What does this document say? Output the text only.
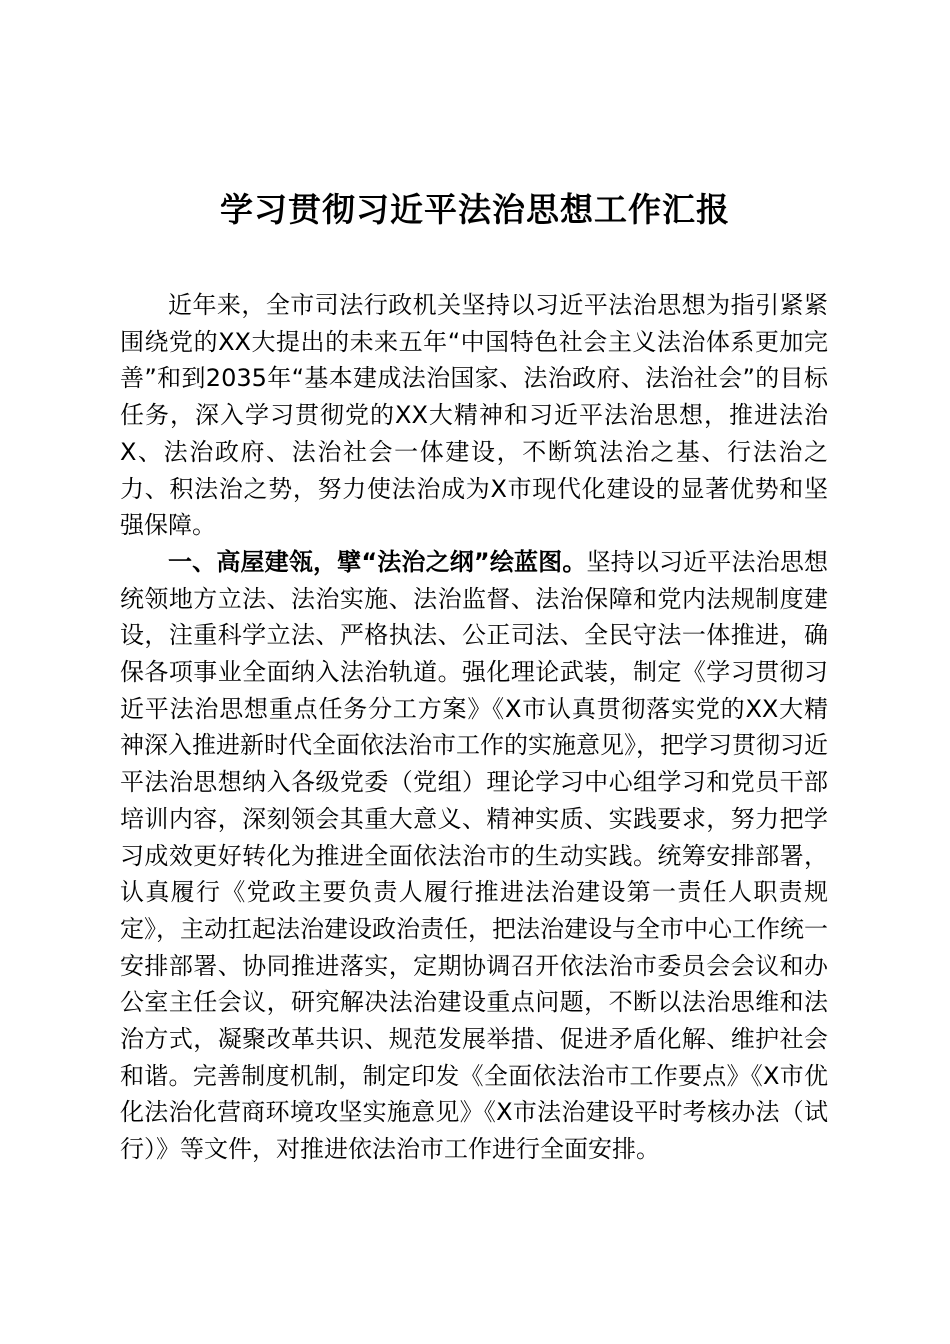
学习贯彻习近平法治思想工作汇报

近年来，全市司法行政机关坚持以习近平法治思想为指引紧紧围绕党的XX大提出的未来五年“中国特色社会主义法治体系更加完善”和到2035年“基本建成法治国家、法治政府、法治社会”的目标任务，深入学习贯彻党的XX大精神和习近平法治思想，推进法治X、法治政府、法治社会一体建设，不断筑法治之基、行法治之力、积法治之势，努力使法治成为X市现代化建设的显著优势和坚强保障。

一、高屋建瓴，擘“法治之纲”绘蓝图。坚持以习近平法治思想统领地方立法、法治实施、法治监督、法治保障和党内法规制度建设，注重科学立法、严格执法、公正司法、全民守法一体推进，确保各项事业全面纳入法治轨道。强化理论武装，制定《学习贯彻习近平法治思想重点任务分工方案》《X市认真贯彻落实党的XX大精神深入推进新时代全面依法治市工作的实施意见》，把学习贯彻习近平法治思想纳入各级党委（党组）理论学习中心组学习和党员干部培训内容，深刻领会其重大意义、精神实质、实践要求，努力把学习成效更好转化为推进全面依法治市的生动实践。统筹安排部署，认真履行《党政主要负责人履行推进法治建设第一责任人职责规定》，主动扛起法治建设政治责任，把法治建设与全市中心工作统一安排部署、协同推进落实，定期协调召开依法治市委员会会议和办公室主任会议，研究解决法治建设重点问题，不断以法治思维和法治方式，凝聚改革共识、规范发展举措、促进矛盾化解、维护社会和谐。完善制度机制，制定印发《全面依法治市工作要点》《X市优化法治化营商环境攻坚实施意见》《X市法治建设平时考核办法（试行）》等文件，对推进依法治市工作进行全面安排。
